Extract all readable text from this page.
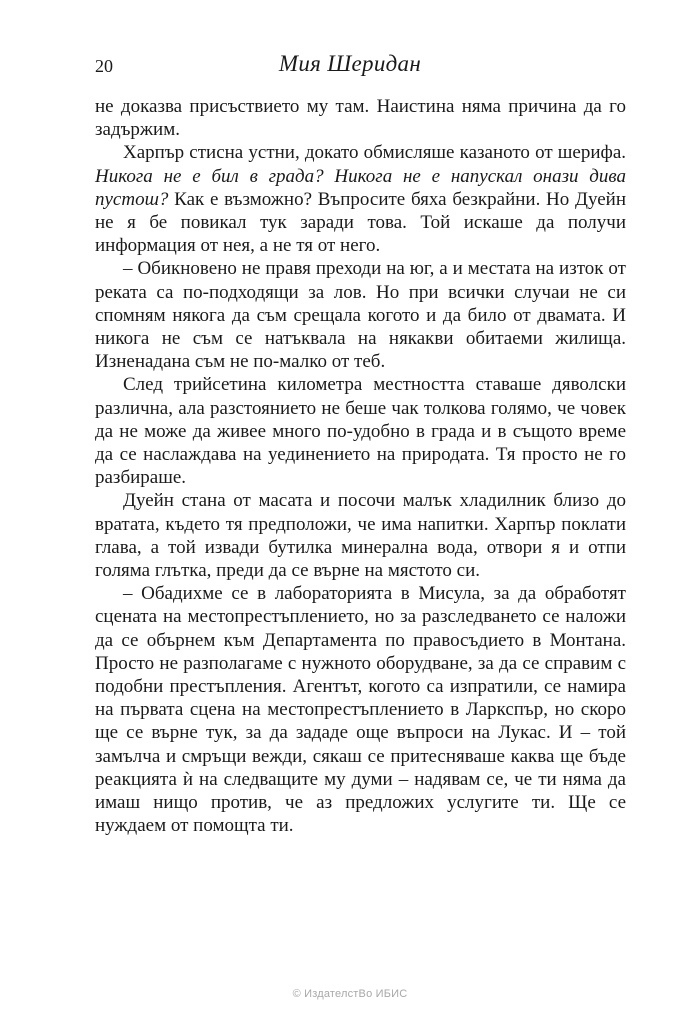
20	Мия Шеридан

не доказва присъствието му там. Наистина няма причина да го задържим.

Харпър стисна устни, докато обмисляше казаното от шерифа. Никога не е бил в града? Никога не е напускал онази дива пустош? Как е възможно? Въпросите бяха безкрайни. Но Дуейн не я бе повикал тук заради това. Той искаше да получи информация от нея, а не тя от него.

– Обикновено не правя преходи на юг, а и местата на изток от реката са по-подходящи за лов. Но при всички случаи не си спомням някога да съм срещала когото и да било от двамата. И никога не съм се натъквала на някакви обитаеми жилища. Изненадана съм не по-малко от теб.

След трийсетина километра местността ставаше дяволски различна, ала разстоянието не беше чак толкова голямо, че човек да не може да живее много по-удобно в града и в същото време да се наслаждава на уединението на природата. Тя просто не го разбираше.

Дуейн стана от масата и посочи малък хладилник близо до вратата, където тя предположи, че има напитки. Харпър поклати глава, а той извади бутилка минерална вода, отвори я и отпи голяма глътка, преди да се върне на мястото си.

– Обадихме се в лабораторията в Мисула, за да обработят сцената на местопрестъплението, но за разследването се наложи да се обърнем към Департамента по правосъдието в Монтана. Просто не разполагаме с нужното оборудване, за да се справим с подобни престъпления. Агентът, когото са изпратили, се намира на първата сцена на местопрестъплението в Ларкспър, но скоро ще се върне тук, за да зададе още въпроси на Лукас. И – той замълча и смръщи вежди, сякаш се притесняваше каква ще бъде реакцията ѝ на следващите му думи – надявам се, че ти няма да имаш нищо против, че аз предложих услугите ти. Ще се нуждаем от помощта ти.

© ИздателстВо ИБИС
